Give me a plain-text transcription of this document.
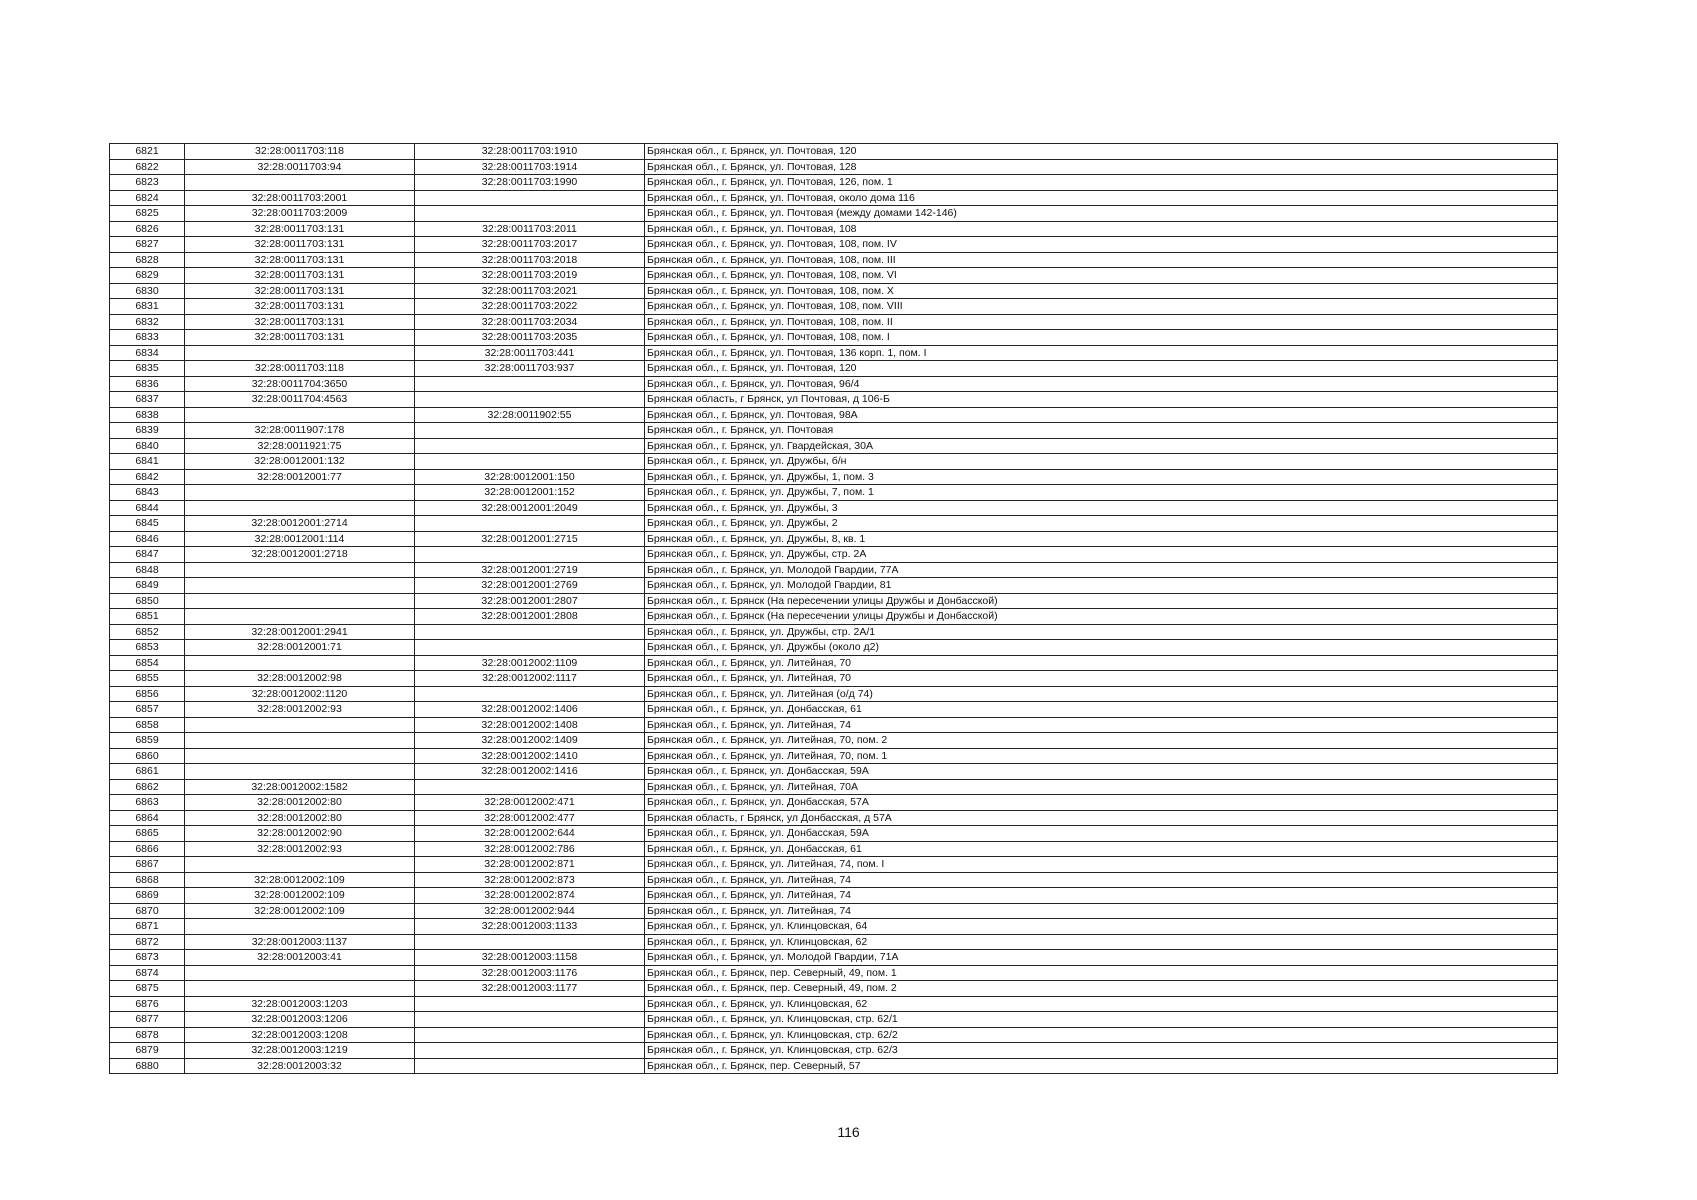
6821	32:28:0011703:118	32:28:0011703:1910	Брянская обл., г. Брянск, ул. Почтовая, 120
6822	32:28:0011703:94	32:28:0011703:1914	Брянская обл., г. Брянск, ул. Почтовая, 128
6823		32:28:0011703:1990	Брянская обл., г. Брянск, ул. Почтовая, 126, пом. 1
6824	32:28:0011703:2001		Брянская обл., г. Брянск, ул. Почтовая, около дома 116
6825	32:28:0011703:2009		Брянская обл., г. Брянск, ул. Почтовая (между домами 142-146)
6826	32:28:0011703:131	32:28:0011703:2011	Брянская обл., г. Брянск, ул. Почтовая, 108
6827	32:28:0011703:131	32:28:0011703:2017	Брянская обл., г. Брянск, ул. Почтовая, 108, пом. IV
6828	32:28:0011703:131	32:28:0011703:2018	Брянская обл., г. Брянск, ул. Почтовая, 108, пом. III
6829	32:28:0011703:131	32:28:0011703:2019	Брянская обл., г. Брянск, ул. Почтовая, 108, пом. VI
6830	32:28:0011703:131	32:28:0011703:2021	Брянская обл., г. Брянск, ул. Почтовая, 108, пом. X
6831	32:28:0011703:131	32:28:0011703:2022	Брянская обл., г. Брянск, ул. Почтовая, 108, пом. VIII
6832	32:28:0011703:131	32:28:0011703:2034	Брянская обл., г. Брянск, ул. Почтовая, 108, пом. II
6833	32:28:0011703:131	32:28:0011703:2035	Брянская обл., г. Брянск, ул. Почтовая, 108, пом. I
6834		32:28:0011703:441	Брянская обл., г. Брянск, ул. Почтовая, 136 корп. 1, пом. I
6835	32:28:0011703:118	32:28:0011703:937	Брянская обл., г. Брянск, ул. Почтовая, 120
6836	32:28:0011704:3650		Брянская обл., г. Брянск, ул. Почтовая, 96/4
6837	32:28:0011704:4563		Брянская область, г Брянск, ул Почтовая, д 106-Б
6838		32:28:0011902:55	Брянская обл., г. Брянск, ул. Почтовая, 98А
6839	32:28:0011907:178		Брянская обл., г. Брянск, ул. Почтовая
6840	32:28:0011921:75		Брянская обл., г. Брянск, ул. Гвардейская, 30А
6841	32:28:0012001:132		Брянская обл., г. Брянск, ул. Дружбы, б/н
6842	32:28:0012001:77	32:28:0012001:150	Брянская обл., г. Брянск, ул. Дружбы, 1, пом. 3
6843		32:28:0012001:152	Брянская обл., г. Брянск, ул. Дружбы, 7, пом. 1
6844		32:28:0012001:2049	Брянская обл., г. Брянск, ул. Дружбы, 3
6845	32:28:0012001:2714		Брянская обл., г. Брянск, ул. Дружбы, 2
6846	32:28:0012001:114	32:28:0012001:2715	Брянская обл., г. Брянск, ул. Дружбы, 8, кв. 1
6847	32:28:0012001:2718		Брянская обл., г. Брянск, ул. Дружбы, стр. 2А
6848		32:28:0012001:2719	Брянская обл., г. Брянск, ул. Молодой Гвардии, 77А
6849		32:28:0012001:2769	Брянская обл., г. Брянск, ул. Молодой Гвардии, 81
6850		32:28:0012001:2807	Брянская обл., г. Брянск (На пересечении улицы Дружбы и Донбасской)
6851		32:28:0012001:2808	Брянская обл., г. Брянск (На пересечении улицы Дружбы и Донбасской)
6852	32:28:0012001:2941		Брянская обл., г. Брянск, ул. Дружбы, стр. 2А/1
6853	32:28:0012001:71		Брянская обл., г. Брянск, ул. Дружбы (около д2)
6854		32:28:0012002:1109	Брянская обл., г. Брянск, ул. Литейная, 70
6855	32:28:0012002:98	32:28:0012002:1117	Брянская обл., г. Брянск, ул. Литейная, 70
6856	32:28:0012002:1120		Брянская обл., г. Брянск, ул. Литейная (о/д 74)
6857	32:28:0012002:93	32:28:0012002:1406	Брянская обл., г. Брянск, ул. Донбасская, 61
6858		32:28:0012002:1408	Брянская обл., г. Брянск, ул. Литейная, 74
6859		32:28:0012002:1409	Брянская обл., г. Брянск, ул. Литейная, 70, пом. 2
6860		32:28:0012002:1410	Брянская обл., г. Брянск, ул. Литейная, 70, пом. 1
6861		32:28:0012002:1416	Брянская обл., г. Брянск, ул. Донбасская, 59А
6862	32:28:0012002:1582		Брянская обл., г. Брянск, ул. Литейная, 70А
6863	32:28:0012002:80	32:28:0012002:471	Брянская обл., г. Брянск, ул. Донбасская, 57А
6864	32:28:0012002:80	32:28:0012002:477	Брянская область, г Брянск, ул Донбасская, д 57А
6865	32:28:0012002:90	32:28:0012002:644	Брянская обл., г. Брянск, ул. Донбасская, 59А
6866	32:28:0012002:93	32:28:0012002:786	Брянская обл., г. Брянск, ул. Донбасская, 61
6867		32:28:0012002:871	Брянская обл., г. Брянск, ул. Литейная, 74, пом. I
6868	32:28:0012002:109	32:28:0012002:873	Брянская обл., г. Брянск, ул. Литейная, 74
6869	32:28:0012002:109	32:28:0012002:874	Брянская обл., г. Брянск, ул. Литейная, 74
6870	32:28:0012002:109	32:28:0012002:944	Брянская обл., г. Брянск, ул. Литейная, 74
6871		32:28:0012003:1133	Брянская обл., г. Брянск, ул. Клинцовская, 64
6872	32:28:0012003:1137		Брянская обл., г. Брянск, ул. Клинцовская, 62
6873	32:28:0012003:41	32:28:0012003:1158	Брянская обл., г. Брянск, ул. Молодой Гвардии, 71А
6874		32:28:0012003:1176	Брянская обл., г. Брянск, пер. Северный, 49, пом. 1
6875		32:28:0012003:1177	Брянская обл., г. Брянск, пер. Северный, 49, пом. 2
6876	32:28:0012003:1203		Брянская обл., г. Брянск, ул. Клинцовская, 62
6877	32:28:0012003:1206		Брянская обл., г. Брянск, ул. Клинцовская, стр. 62/1
6878	32:28:0012003:1208		Брянская обл., г. Брянск, ул. Клинцовская, стр. 62/2
6879	32:28:0012003:1219		Брянская обл., г. Брянск, ул. Клинцовская, стр. 62/3
6880	32:28:0012003:32		Брянская обл., г. Брянск, пер. Северный, 57
116
